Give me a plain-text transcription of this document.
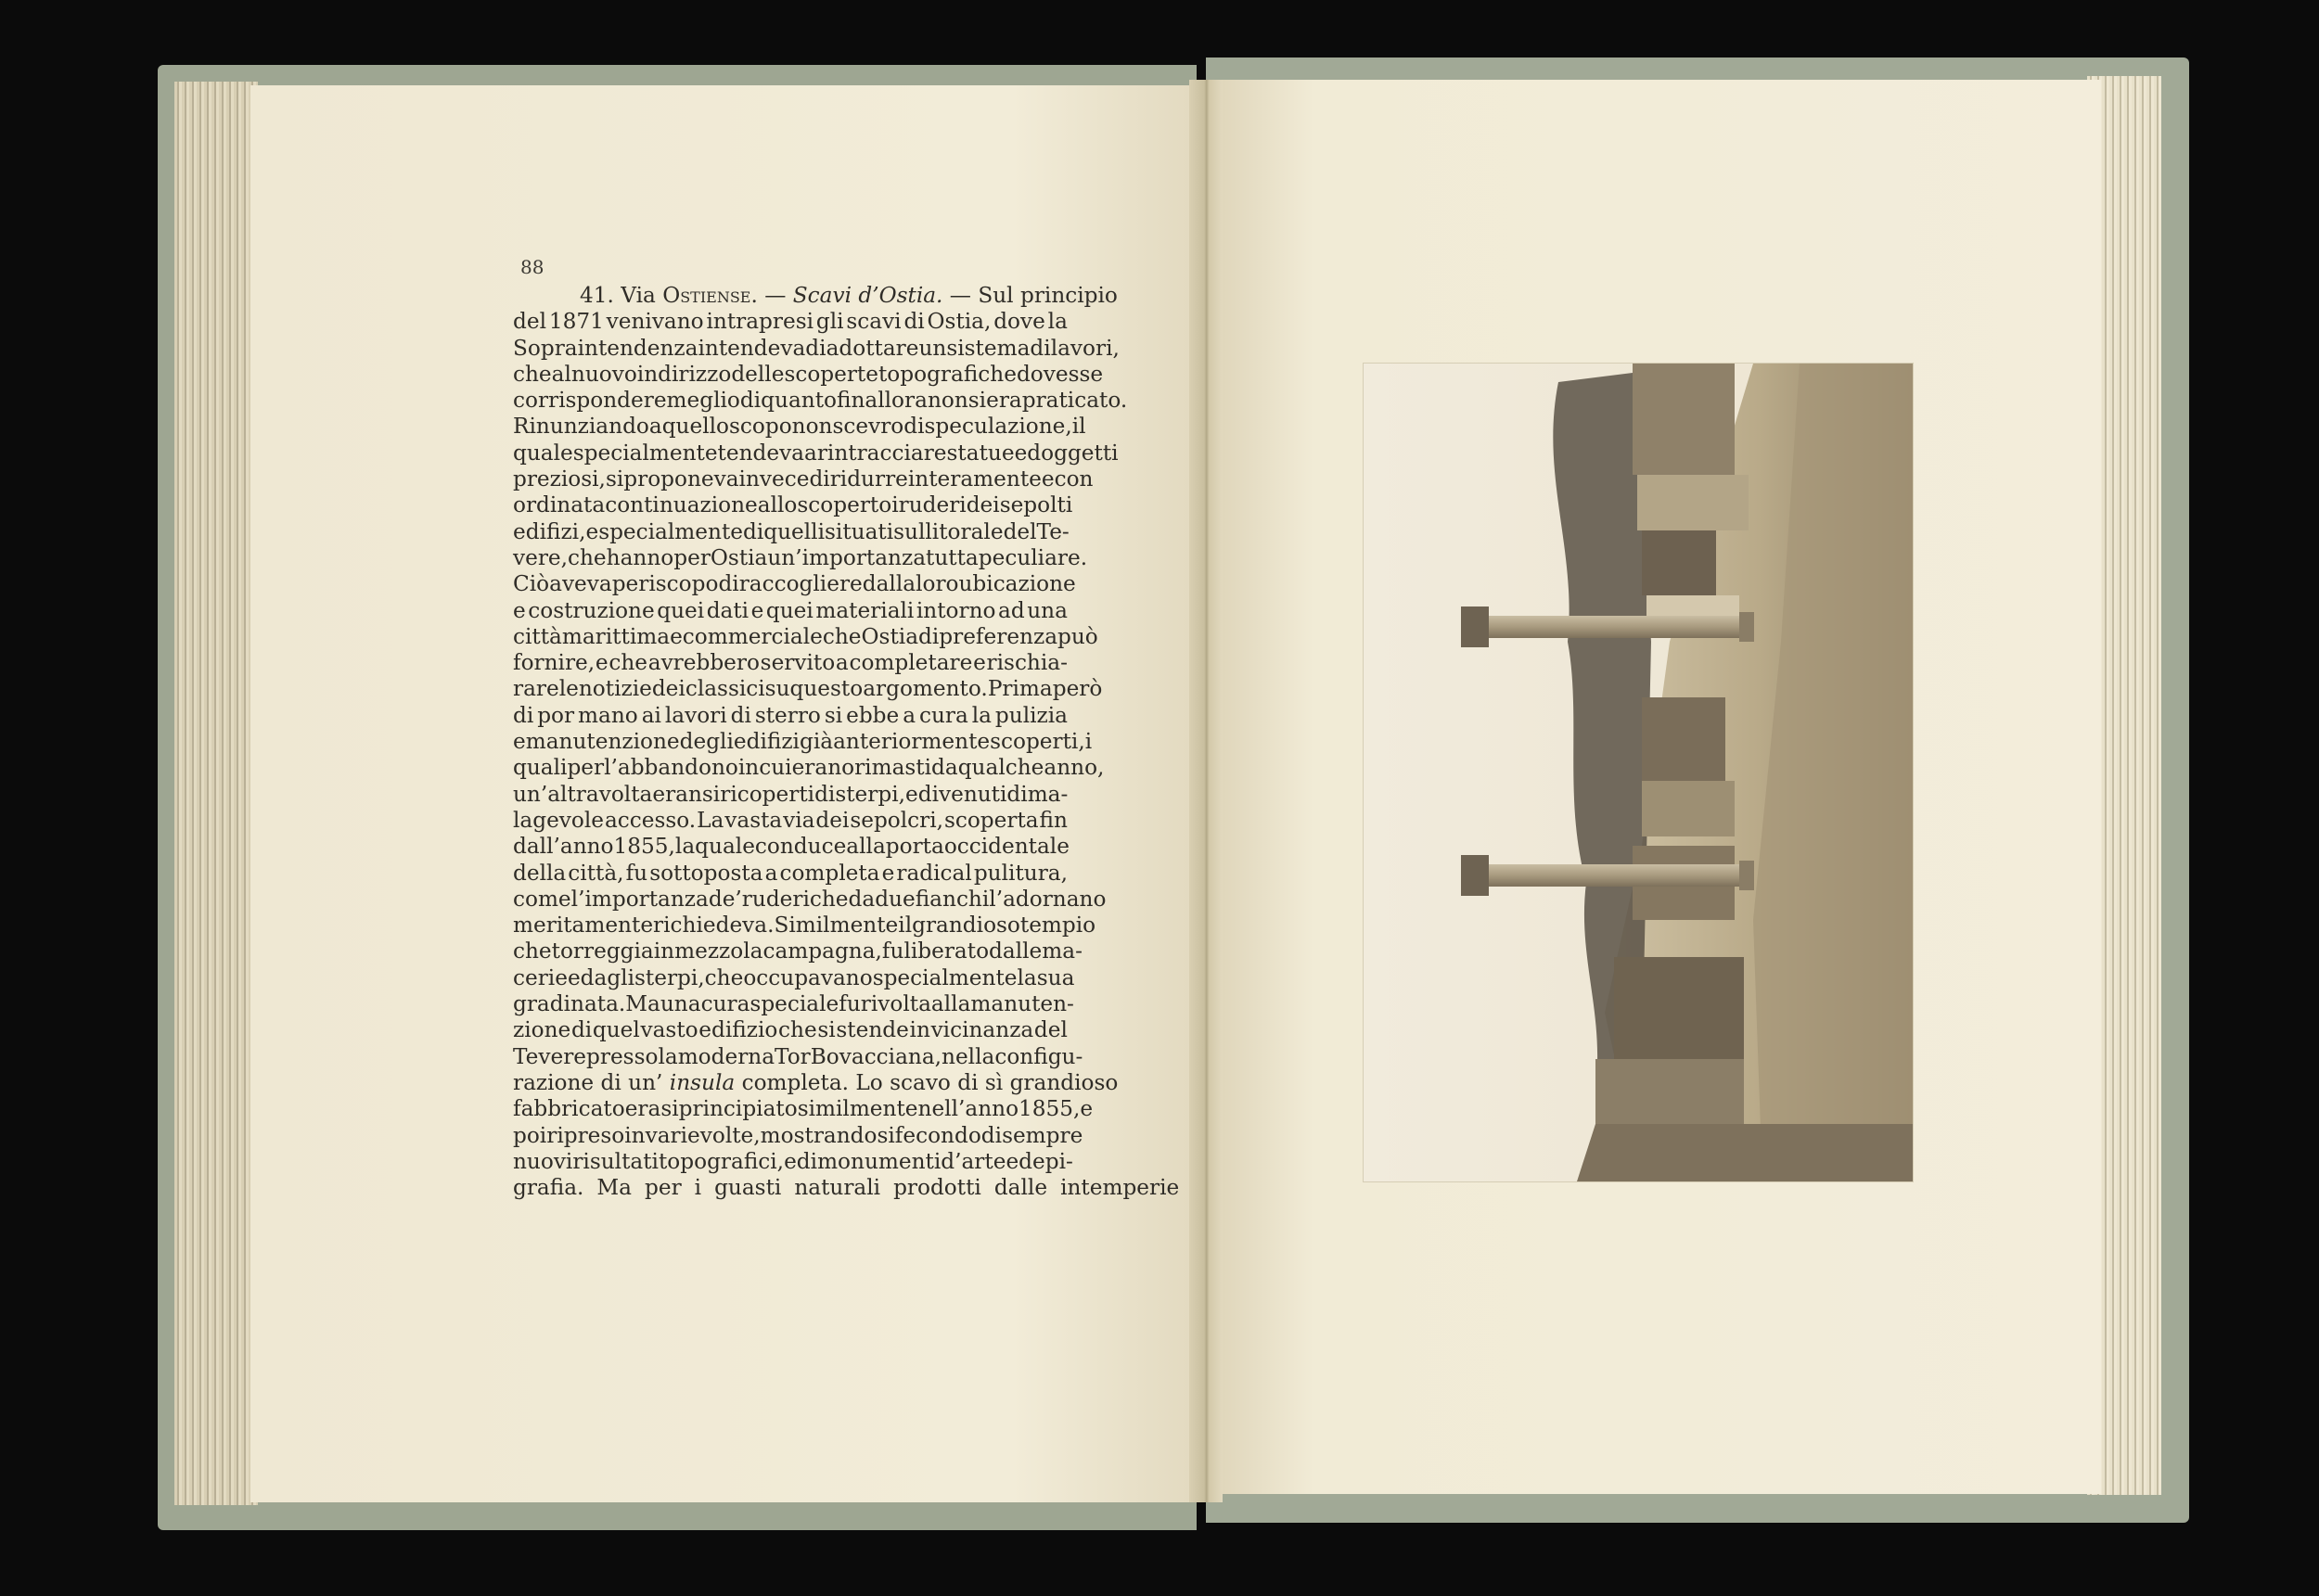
88
41. Via Ostiense. — Scavi d’Ostia. — Sul principio
del 1871 venivano intrapresi gli scavi di Ostia, dove la
Sopraintendenza intendeva di adottare un sistema di lavori,
che al nuovo indirizzo delle scoperte topografiche dovesse
corrispondere meglio di quanto fin allora non si era praticato.
Rinunziando a quello scopo non scevro di speculazione, il
quale specialmente tendeva a rintracciare statue ed oggetti
preziosi, si proponeva invece di ridurre interamente e con
ordinata continuazione allo scoperto i ruderi dei sepolti
edifizi, e specialmente di quelli situati sul litorale del Te-
vere, che hanno per Ostia un’ importanza tutta peculiare.
Ciò aveva per iscopo di raccogliere dalla loro ubicazione
e costruzione quei dati e quei materiali intorno ad una
città marittima e commerciale che Ostia di preferenza può
fornire, e che avrebbero servito a completare e rischia-
rare le notizie dei classici su questo argomento. Prima però
di por mano ai lavori di sterro si ebbe a cura la pulizia
e manutenzione degli edifizi già anteriormente scoperti, i
quali per l’abbandono in cui erano rimasti da qualche anno,
un’altra volta eransi ricoperti di sterpi, e divenuti di ma-
lagevole accesso. La vasta via dei sepolcri, scoperta fin
dall’anno 1855, la quale conduce alla porta occidentale
della città, fu sottoposta a completa e radical pulitura,
come l’importanza de’ ruderi che da due fianchi l’adornano
meritamente richiedeva. Similmente il grandioso tempio
che torreggia in mezzo la campagna, fu liberato dalle ma-
cerie e dagli sterpi, che occupavano specialmente la sua
gradinata. Ma una cura speciale fu rivolta alla manuten-
zione di quel vasto edifizio che si stende in vicinanza del
Tevere presso la moderna Tor Bovacciana, nella configu-
razione di un’ insula completa. Lo scavo di sì grandioso
fabbricato erasi principiato similmente nell’ anno 1855, e
poi ripreso in varie volte, mostrandosi fecondo di sempre
nuovi risultati topografici, e di monumenti d’ arte ed epi-
grafia. Ma per i guasti naturali prodotti dalle intemperie
